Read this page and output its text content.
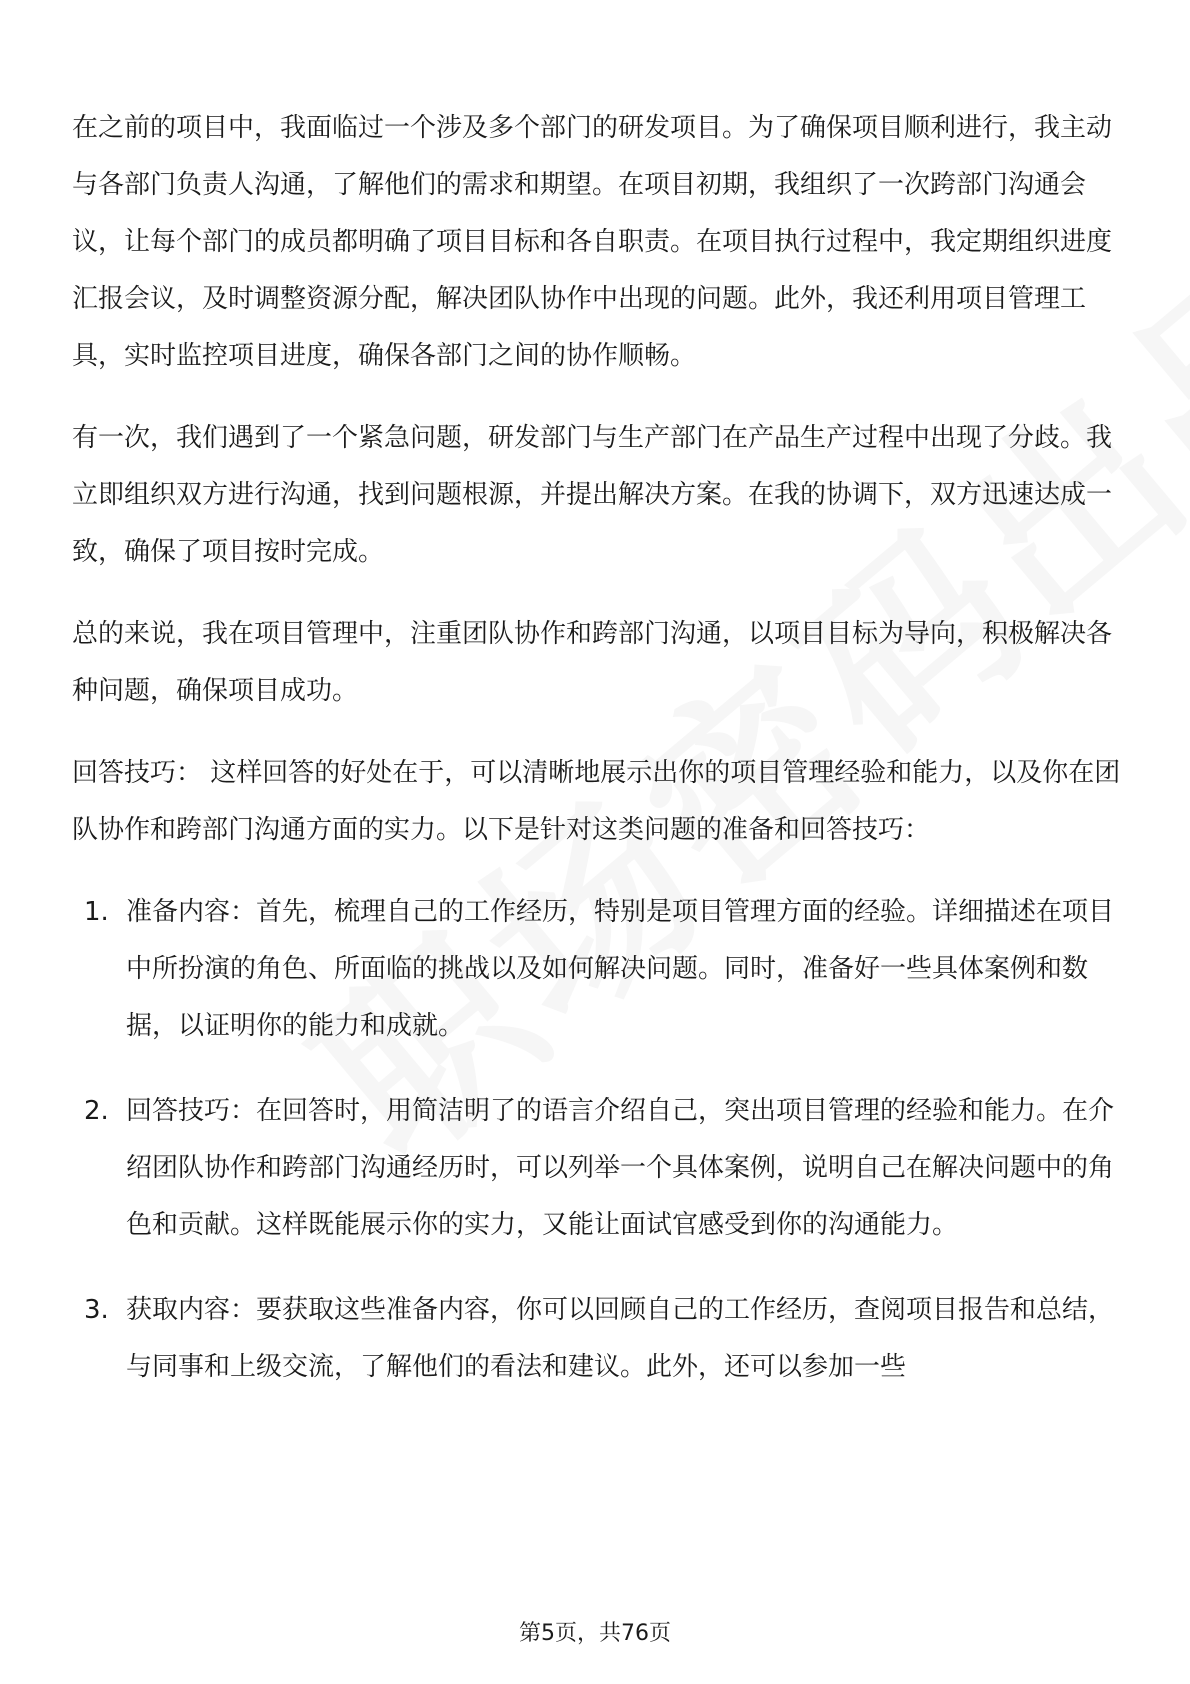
在之前的项目中，我面临过一个涉及多个部门的研发项目。为了确保项目顺利进行，我主动与各部门负责人沟通，了解他们的需求和期望。在项目初期，我组织了一次跨部门沟通会议，让每个部门的成员都明确了项目目标和各自职责。在项目执行过程中，我定期组织进度汇报会议，及时调整资源分配，解决团队协作中出现的问题。此外，我还利用项目管理工具，实时监控项目进度，确保各部门之间的协作顺畅。

有一次，我们遇到了一个紧急问题，研发部门与生产部门在产品生产过程中出现了分歧。我立即组织双方进行沟通，找到问题根源，并提出解决方案。在我的协调下，双方迅速达成一致，确保了项目按时完成。

总的来说，我在项目管理中，注重团队协作和跨部门沟通，以项目目标为导向，积极解决各种问题，确保项目成功。

回答技巧： 这样回答的好处在于，可以清晰地展示出你的项目管理经验和能力，以及你在团队协作和跨部门沟通方面的实力。以下是针对这类问题的准备和回答技巧：

1. 准备内容：首先，梳理自己的工作经历，特别是项目管理方面的经验。详细描述在项目中所扮演的角色、所面临的挑战以及如何解决问题。同时，准备好一些具体案例和数据，以证明你的能力和成就。
2. 回答技巧：在回答时，用简洁明了的语言介绍自己，突出项目管理的经验和能力。在介绍团队协作和跨部门沟通经历时，可以列举一个具体案例，说明自己在解决问题中的角色和贡献。这样既能展示你的实力，又能让面试官感受到你的沟通能力。
3. 获取内容：要获取这些准备内容，你可以回顾自己的工作经历，查阅项目报告和总结，与同事和上级交流，了解他们的看法和建议。此外，还可以参加一些
第5页，共76页
